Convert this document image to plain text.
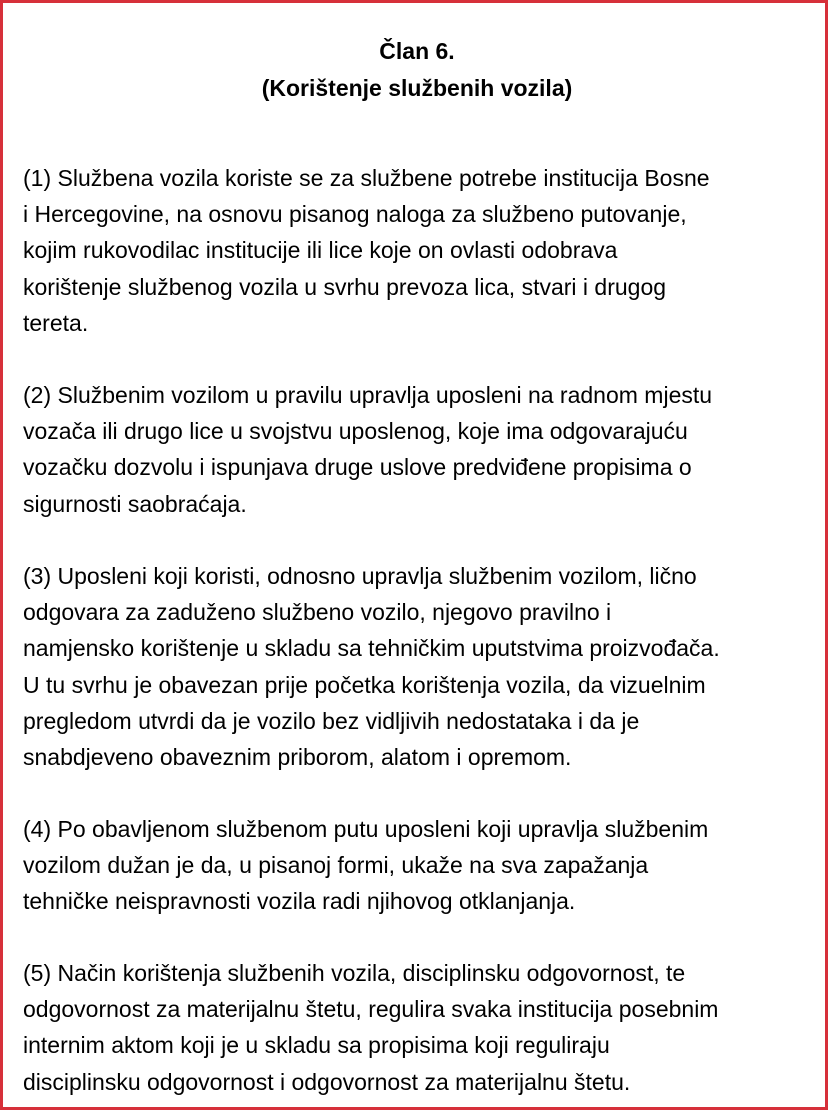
Član 6.
(Korištenje službenih vozila)

(1) Službena vozila koriste se za službene potrebe institucija Bosne
i Hercegovine, na osnovu pisanog naloga za službeno putovanje,
kojim rukovodilac institucije ili lice koje on ovlasti odobrava
korištenje službenog vozila u svrhu prevoza lica, stvari i drugog
tereta.

(2) Službenim vozilom u pravilu upravlja uposleni na radnom mjestu
vozača ili drugo lice u svojstvu uposlenog, koje ima odgovarajuću
vozačku dozvolu i ispunjava druge uslove predviđene propisima o
sigurnosti saobraćaja.

(3) Uposleni koji koristi, odnosno upravlja službenim vozilom, lično
odgovara za zaduženo službeno vozilo, njegovo pravilno i
namjensko korištenje u skladu sa tehničkim uputstvima proizvođača.
U tu svrhu je obavezan prije početka korištenja vozila, da vizuelnim
pregledom utvrdi da je vozilo bez vidljivih nedostataka i da je
snabdjeveno obaveznim priborom, alatom i opremom.

(4) Po obavljenom službenom putu uposleni koji upravlja službenim
vozilom dužan je da, u pisanoj formi, ukaže na sva zapažanja
tehničke neispravnosti vozila radi njihovog otklanjanja.

(5) Način korištenja službenih vozila, disciplinsku odgovornost, te
odgovornost za materijalnu štetu, regulira svaka institucija posebnim
internim aktom koji je u skladu sa propisima koji reguliraju
disciplinsku odgovornost i odgovornost za materijalnu štetu.
